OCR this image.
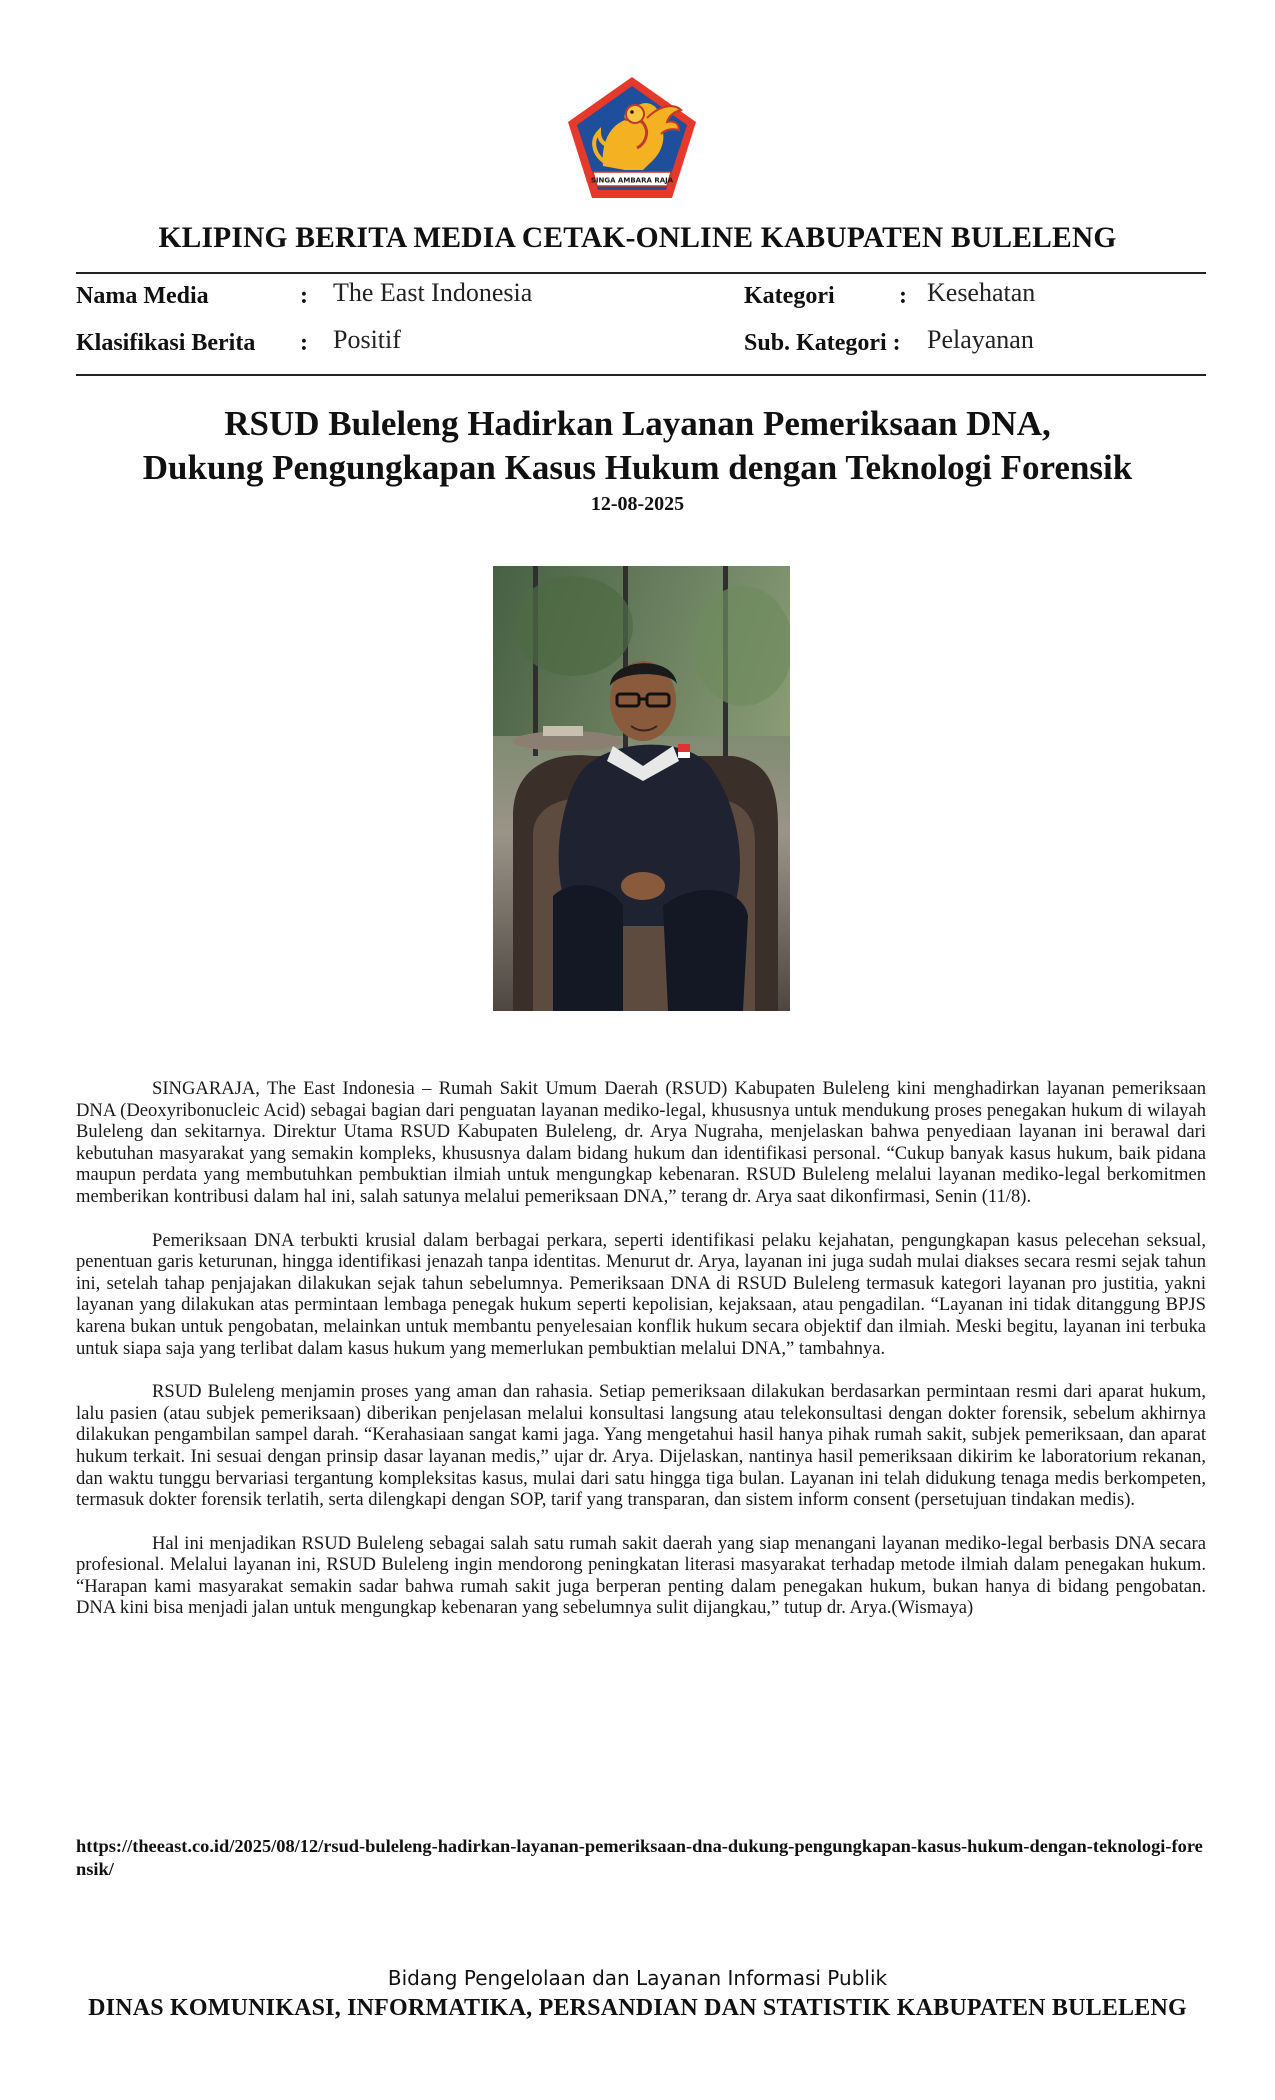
SINGA AMBARA RAJA
KLIPING BERITA MEDIA CETAK-ONLINE KABUPATEN BULELENG
Nama Media	: The East Indonesia	Kategori	: Kesehatan
Klasifikasi Berita : Positif	Sub. Kategori : Pelayanan
RSUD Buleleng Hadirkan Layanan Pemeriksaan DNA,
Dukung Pengungkapan Kasus Hukum dengan Teknologi Forensik
12-08-2025

SINGARAJA, The East Indonesia – Rumah Sakit Umum Daerah (RSUD) Kabupaten Buleleng kini menghadirkan layanan pemeriksaan DNA (Deoxyribonucleic Acid) sebagai bagian dari penguatan layanan mediko-legal, khususnya untuk mendukung proses penegakan hukum di wilayah Buleleng dan sekitarnya. Direktur Utama RSUD Kabupaten Buleleng, dr. Arya Nugraha, menjelaskan bahwa penyediaan layanan ini berawal dari kebutuhan masyarakat yang semakin kompleks, khususnya dalam bidang hukum dan identifikasi personal. “Cukup banyak kasus hukum, baik pidana maupun perdata yang membutuhkan pembuktian ilmiah untuk mengungkap kebenaran. RSUD Buleleng melalui layanan mediko-legal berkomitmen memberikan kontribusi dalam hal ini, salah satunya melalui pemeriksaan DNA,” terang dr. Arya saat dikonfirmasi, Senin (11/8).

Pemeriksaan DNA terbukti krusial dalam berbagai perkara, seperti identifikasi pelaku kejahatan, pengungkapan kasus pelecehan seksual, penentuan garis keturunan, hingga identifikasi jenazah tanpa identitas. Menurut dr. Arya, layanan ini juga sudah mulai diakses secara resmi sejak tahun ini, setelah tahap penjajakan dilakukan sejak tahun sebelumnya. Pemeriksaan DNA di RSUD Buleleng termasuk kategori layanan pro justitia, yakni layanan yang dilakukan atas permintaan lembaga penegak hukum seperti kepolisian, kejaksaan, atau pengadilan. “Layanan ini tidak ditanggung BPJS karena bukan untuk pengobatan, melainkan untuk membantu penyelesaian konflik hukum secara objektif dan ilmiah. Meski begitu, layanan ini terbuka untuk siapa saja yang terlibat dalam kasus hukum yang memerlukan pembuktian melalui DNA,” tambahnya.

RSUD Buleleng menjamin proses yang aman dan rahasia. Setiap pemeriksaan dilakukan berdasarkan permintaan resmi dari aparat hukum, lalu pasien (atau subjek pemeriksaan) diberikan penjelasan melalui konsultasi langsung atau telekonsultasi dengan dokter forensik, sebelum akhirnya dilakukan pengambilan sampel darah. “Kerahasiaan sangat kami jaga. Yang mengetahui hasil hanya pihak rumah sakit, subjek pemeriksaan, dan aparat hukum terkait. Ini sesuai dengan prinsip dasar layanan medis,” ujar dr. Arya. Dijelaskan, nantinya hasil pemeriksaan dikirim ke laboratorium rekanan, dan waktu tunggu bervariasi tergantung kompleksitas kasus, mulai dari satu hingga tiga bulan. Layanan ini telah didukung tenaga medis berkompeten, termasuk dokter forensik terlatih, serta dilengkapi dengan SOP, tarif yang transparan, dan sistem inform consent (persetujuan tindakan medis).

Hal ini menjadikan RSUD Buleleng sebagai salah satu rumah sakit daerah yang siap menangani layanan mediko-legal berbasis DNA secara profesional. Melalui layanan ini, RSUD Buleleng ingin mendorong peningkatan literasi masyarakat terhadap metode ilmiah dalam penegakan hukum. “Harapan kami masyarakat semakin sadar bahwa rumah sakit juga berperan penting dalam penegakan hukum, bukan hanya di bidang pengobatan. DNA kini bisa menjadi jalan untuk mengungkap kebenaran yang sebelumnya sulit dijangkau,” tutup dr. Arya.(Wismaya)

https://theeast.co.id/2025/08/12/rsud-buleleng-hadirkan-layanan-pemeriksaan-dna-dukung-pengungkapan-kasus-hukum-dengan-teknologi-forensik/
Bidang Pengelolaan dan Layanan Informasi Publik
DINAS KOMUNIKASI, INFORMATIKA, PERSANDIAN DAN STATISTIK KABUPATEN BULELENG
